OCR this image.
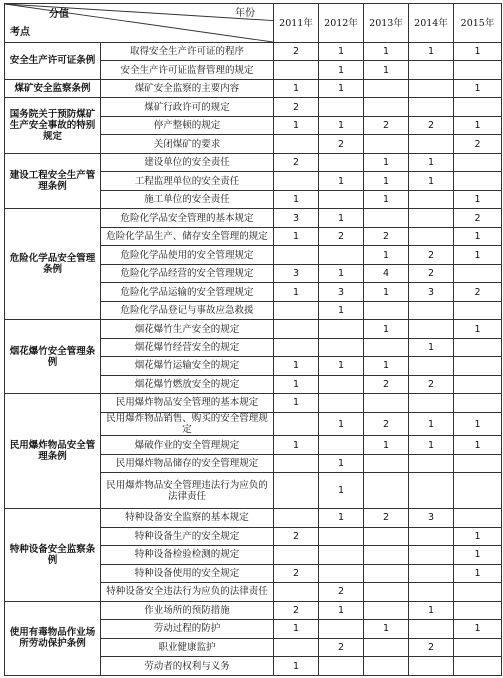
分值 年份
考点		2011年	2012年	2013年	2014年	2015年
安全生产许可证条例	取得安全生产许可证的程序	2	1	1	1	1
	安全生产许可证监督管理的规定		1	1		
煤矿安全监察条例	煤矿安全监察的主要内容	1	1			1
国务院关于预防煤矿生产安全事故的特别规定	煤矿行政许可的规定	2				
	停产整顿的规定	1	1	2	2	1
	关闭煤矿的要求		2			2
建设工程安全生产管理条例	建设单位的安全责任	2		1	1	
	工程监理单位的安全责任		1	1	1	
	施工单位的安全责任	1		1		1
危险化学品安全管理条例	危险化学品安全管理的基本规定	3	1			2
	危险化学品生产、储存安全管理的规定	1	2	2		1
	危险化学品使用的安全管理规定			1	2	1
	危险化学品经营的安全管理规定	3	1	4	2	
	危险化学品运输的安全管理规定	1	3	1	3	2
	危险化学品登记与事故应急救援		1			
烟花爆竹安全管理条例	烟花爆竹生产安全的规定			1		1
	烟花爆竹经营安全的规定				1	
	烟花爆竹运输安全的规定	1	1	1		
	烟花爆竹燃放安全的规定	1		2	2	
民用爆炸物品安全管理条例	民用爆炸物品安全管理的基本规定	1				
	民用爆炸物品销售、购买的安全管理规定		1	2	1	1
	爆破作业的安全管理规定	1		1	1	1
	民用爆炸物品储存的安全管理规定		1			
	民用爆炸物品安全管理违法行为应负的法律责任		1			
特种设备安全监察条例	特种设备安全监察的基本规定		1	2	3	
	特种设备生产的安全规定	2				1
	特种设备检验检测的规定					1
	特种设备使用的安全规定	2				1
	特种设备安全违法行为应负的法律责任		2			
使用有毒物品作业场所劳动保护条例	作业场所的预防措施	2	1		1	
	劳动过程的防护	1		1		1
	职业健康监护		2		2	
	劳动者的权利与义务	1				
